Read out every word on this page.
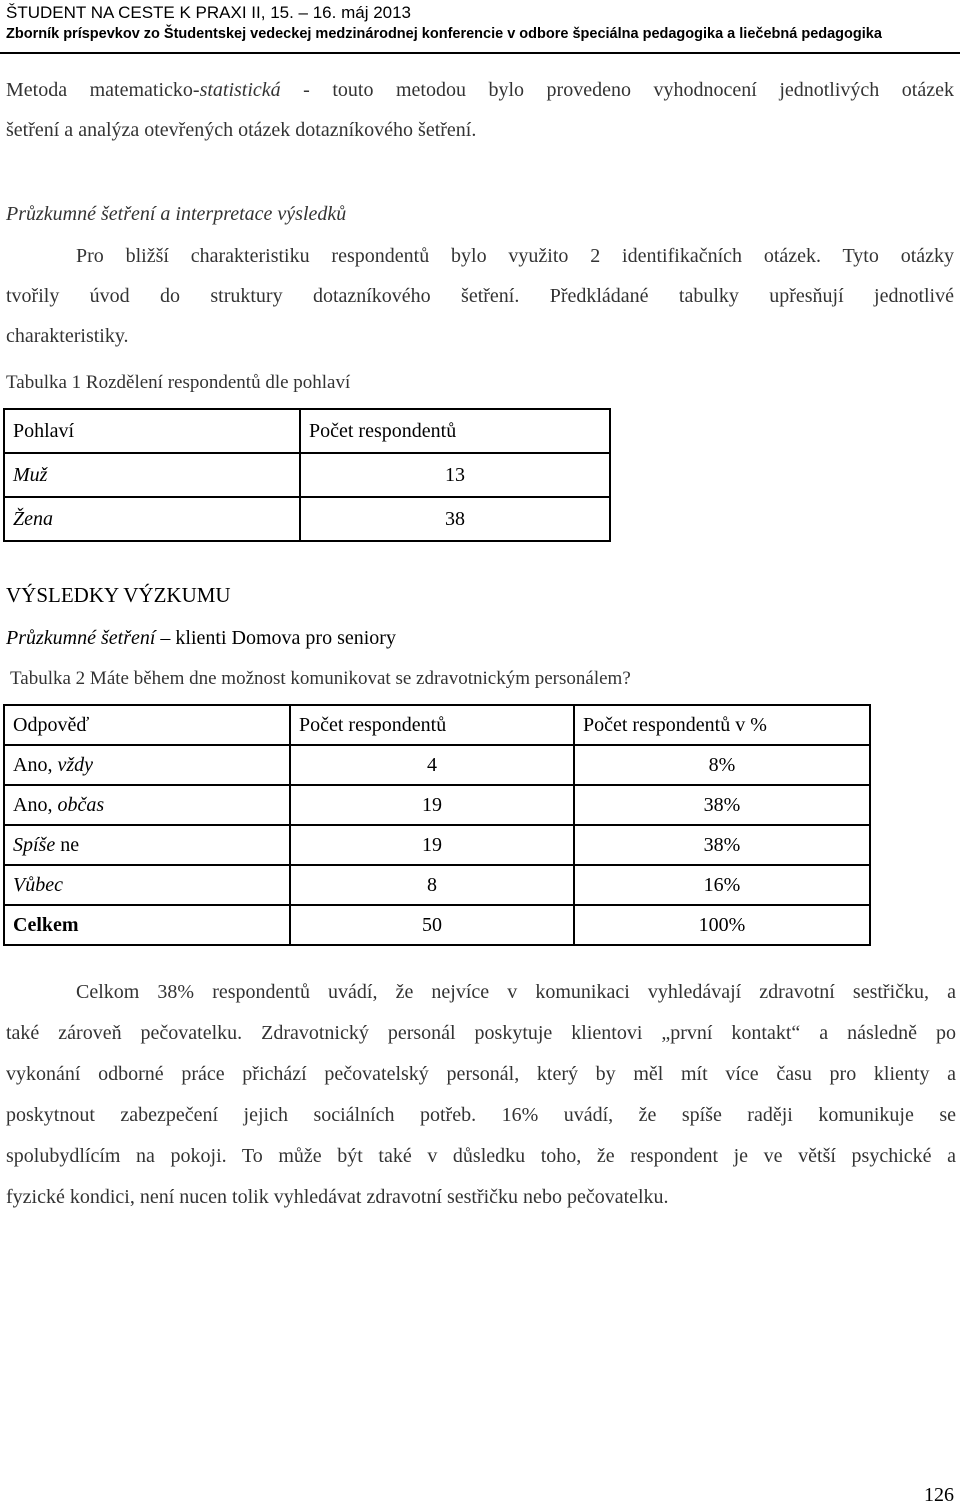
ŠTUDENT NA CESTE K PRAXI II, 15. – 16. máj 2013
Zborník príspevkov zo Študentskej vedeckej medzinárodnej konferencie v odbore špeciálna pedagogika a liečebná pedagogika
Metoda matematicko-statistická - touto metodou bylo provedeno vyhodnocení jednotlivých otázek
šetření a analýza otevřených otázek dotazníkového šetření.
Průzkumné šetření a interpretace výsledků
Pro bližší charakteristiku respondentů bylo využito 2 identifikačních otázek. Tyto otázky
tvořily úvod do struktury dotazníkového šetření. Předkládané tabulky upřesňují jednotlivé
charakteristiky.
Tabulka 1 Rozdělení respondentů dle pohlaví
Pohlaví	Počet respondentů
Muž	13
Žena	38
VÝSLEDKY VÝZKUMU
Průzkumné šetření – klienti Domova pro seniory
Tabulka 2 Máte během dne možnost komunikovat se zdravotnickým personálem?
Odpověď	Počet respondentů	Počet respondentů v %
Ano, vždy	4	8%
Ano, občas	19	38%
Spíše ne	19	38%
Vůbec	8	16%
Celkem	50	100%
Celkom 38% respondentů uvádí, že nejvíce v komunikaci vyhledávají zdravotní sestřičku, a
také zároveň pečovatelku. Zdravotnický personál poskytuje klientovi „první kontakt“ a následně po
vykonání odborné práce přichází pečovatelský personál, který by měl mít více času pro klienty a
poskytnout zabezpečení jejich sociálních potřeb. 16% uvádí, že spíše raději komunikuje se
spolubydlícím na pokoji. To může být také v důsledku toho, že respondent je ve větší psychické a
fyzické kondici, není nucen tolik vyhledávat zdravotní sestřičku nebo pečovatelku.
126
